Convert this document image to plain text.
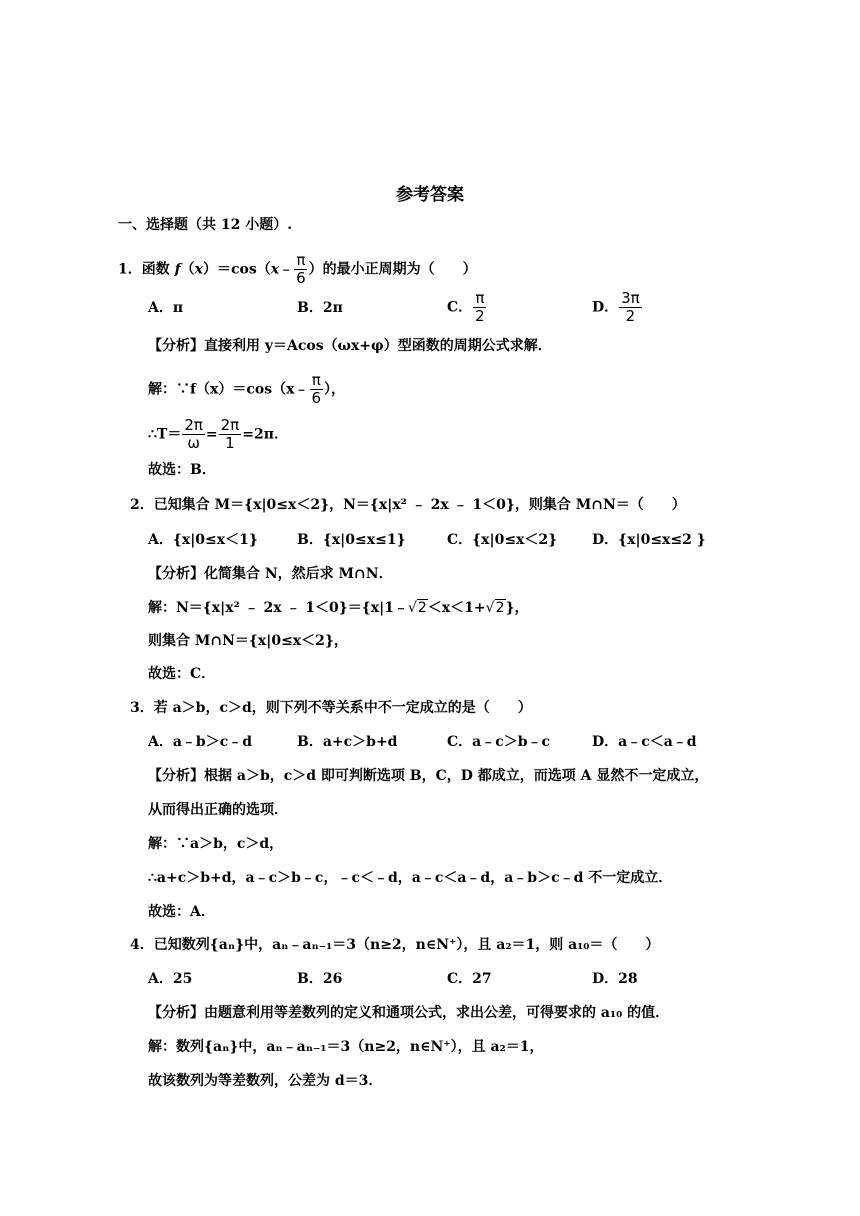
参考答案
一、选择题（共 12 小题）.
1．函数 f（x）＝cos（x﹣ $\frac{\pi}{6}$ ）的最小正周期为（　　）
A．π	B．2π	C． $\frac{\pi}{2}$	D． $\frac{3\pi}{2}$
【分析】直接利用 y＝Acos（ωx+φ）型函数的周期公式求解．
解：∵f（x）＝cos（x﹣ $\frac{\pi}{6}$ ），
∴T＝ $\frac{2\pi}{\omega} = \frac{2\pi}{1} =2\pi$．
故选：B．
2．已知集合 M＝{x|0≤x＜2}，N＝{x|x² ﹣ 2x ﹣ 1＜0}，则集合 M∩N＝（　　）
A．{x|0≤x＜1}	B．{x|0≤x≤1}	C．{x|0≤x＜2} D．{x|0≤x≤2 }
【分析】化简集合 N，然后求 M∩N．
解：N＝{x|x² ﹣ 2x ﹣ 1＜0}＝{x|1﹣√2＜x＜1+√2}，
则集合 M∩N＝{x|0≤x＜2}，
故选：C．
3．若 a＞b，c＞d，则下列不等关系中不一定成立的是（　　）
A．a﹣b＞c﹣d	B．a+c＞b+d	C．a﹣c＞b﹣c	D．a﹣c＜a﹣d
【分析】根据 a＞b，c＞d 即可判断选项 B，C，D 都成立，而选项 A 显然不一定成立，
从而得出正确的选项．
解：∵a＞b，c＞d，
∴a+c＞b+d，a﹣c＞b﹣c，﹣c＜﹣d，a﹣c＜a﹣d，a﹣b＞c﹣d 不一定成立．
故选：A．
4．已知数列{aₙ}中，aₙ﹣aₙ₋₁＝3（n≥2，n∈N⁺），且 a₂＝1，则 a₁₀＝（　　）
A．25	B．26	C．27	D．28
【分析】由题意利用等差数列的定义和通项公式，求出公差，可得要求的 a₁₀ 的值．
解：数列{aₙ}中，aₙ﹣aₙ₋₁＝3（n≥2，n∈N⁺），且 a₂＝1，
故该数列为等差数列，公差为 d＝3．
